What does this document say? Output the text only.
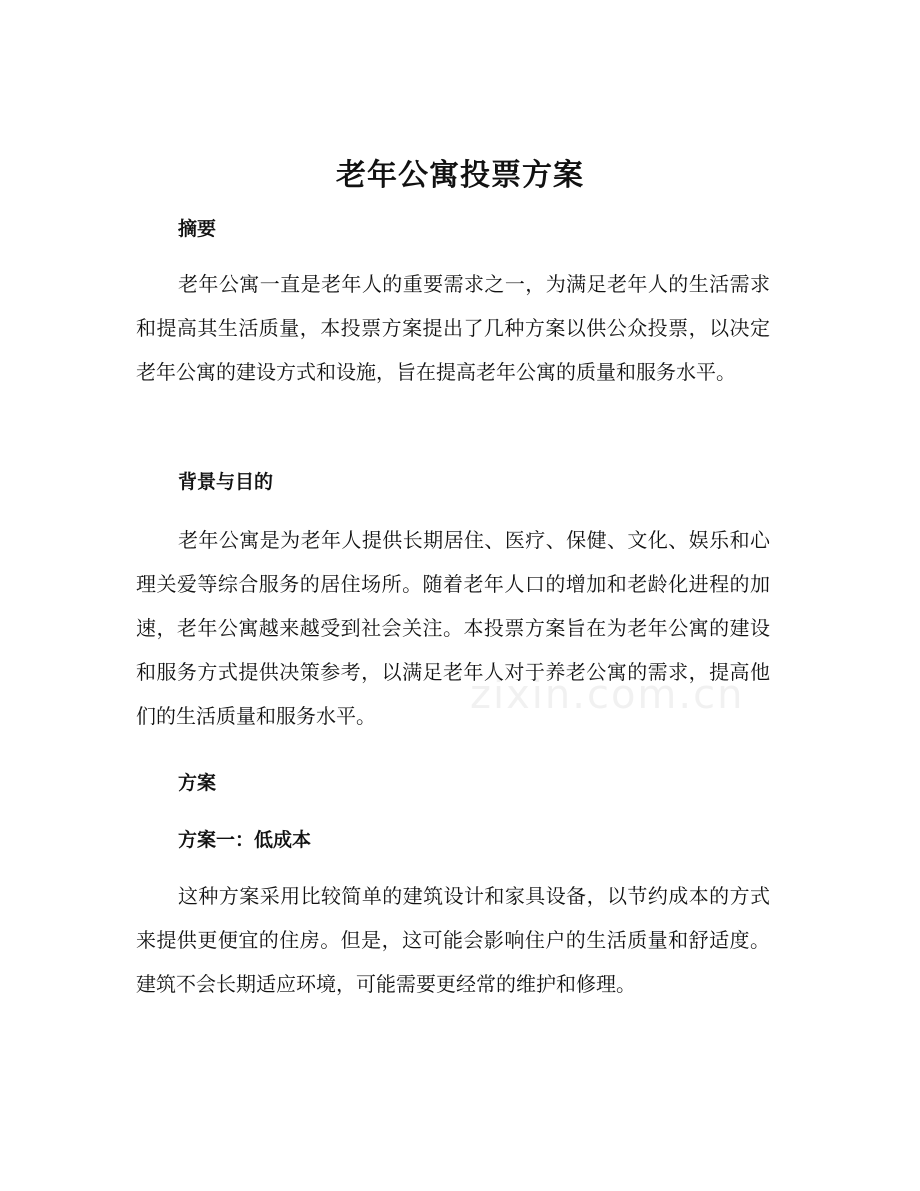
老年公寓投票方案
摘要

老年公寓一直是老年人的重要需求之一，为满足老年人的生活需求和提高其生活质量，本投票方案提出了几种方案以供公众投票，以决定老年公寓的建设方式和设施，旨在提高老年公寓的质量和服务水平。

背景与目的

老年公寓是为老年人提供长期居住、医疗、保健、文化、娱乐和心理关爱等综合服务的居住场所。随着老年人口的增加和老龄化进程的加速，老年公寓越来越受到社会关注。本投票方案旨在为老年公寓的建设和服务方式提供决策参考，以满足老年人对于养老公寓的需求，提高他们的生活质量和服务水平。

方案
方案一：低成本

这种方案采用比较简单的建筑设计和家具设备，以节约成本的方式来提供更便宜的住房。但是，这可能会影响住户的生活质量和舒适度。建筑不会长期适应环境，可能需要更经常的维护和修理。

zixin.com.cn
